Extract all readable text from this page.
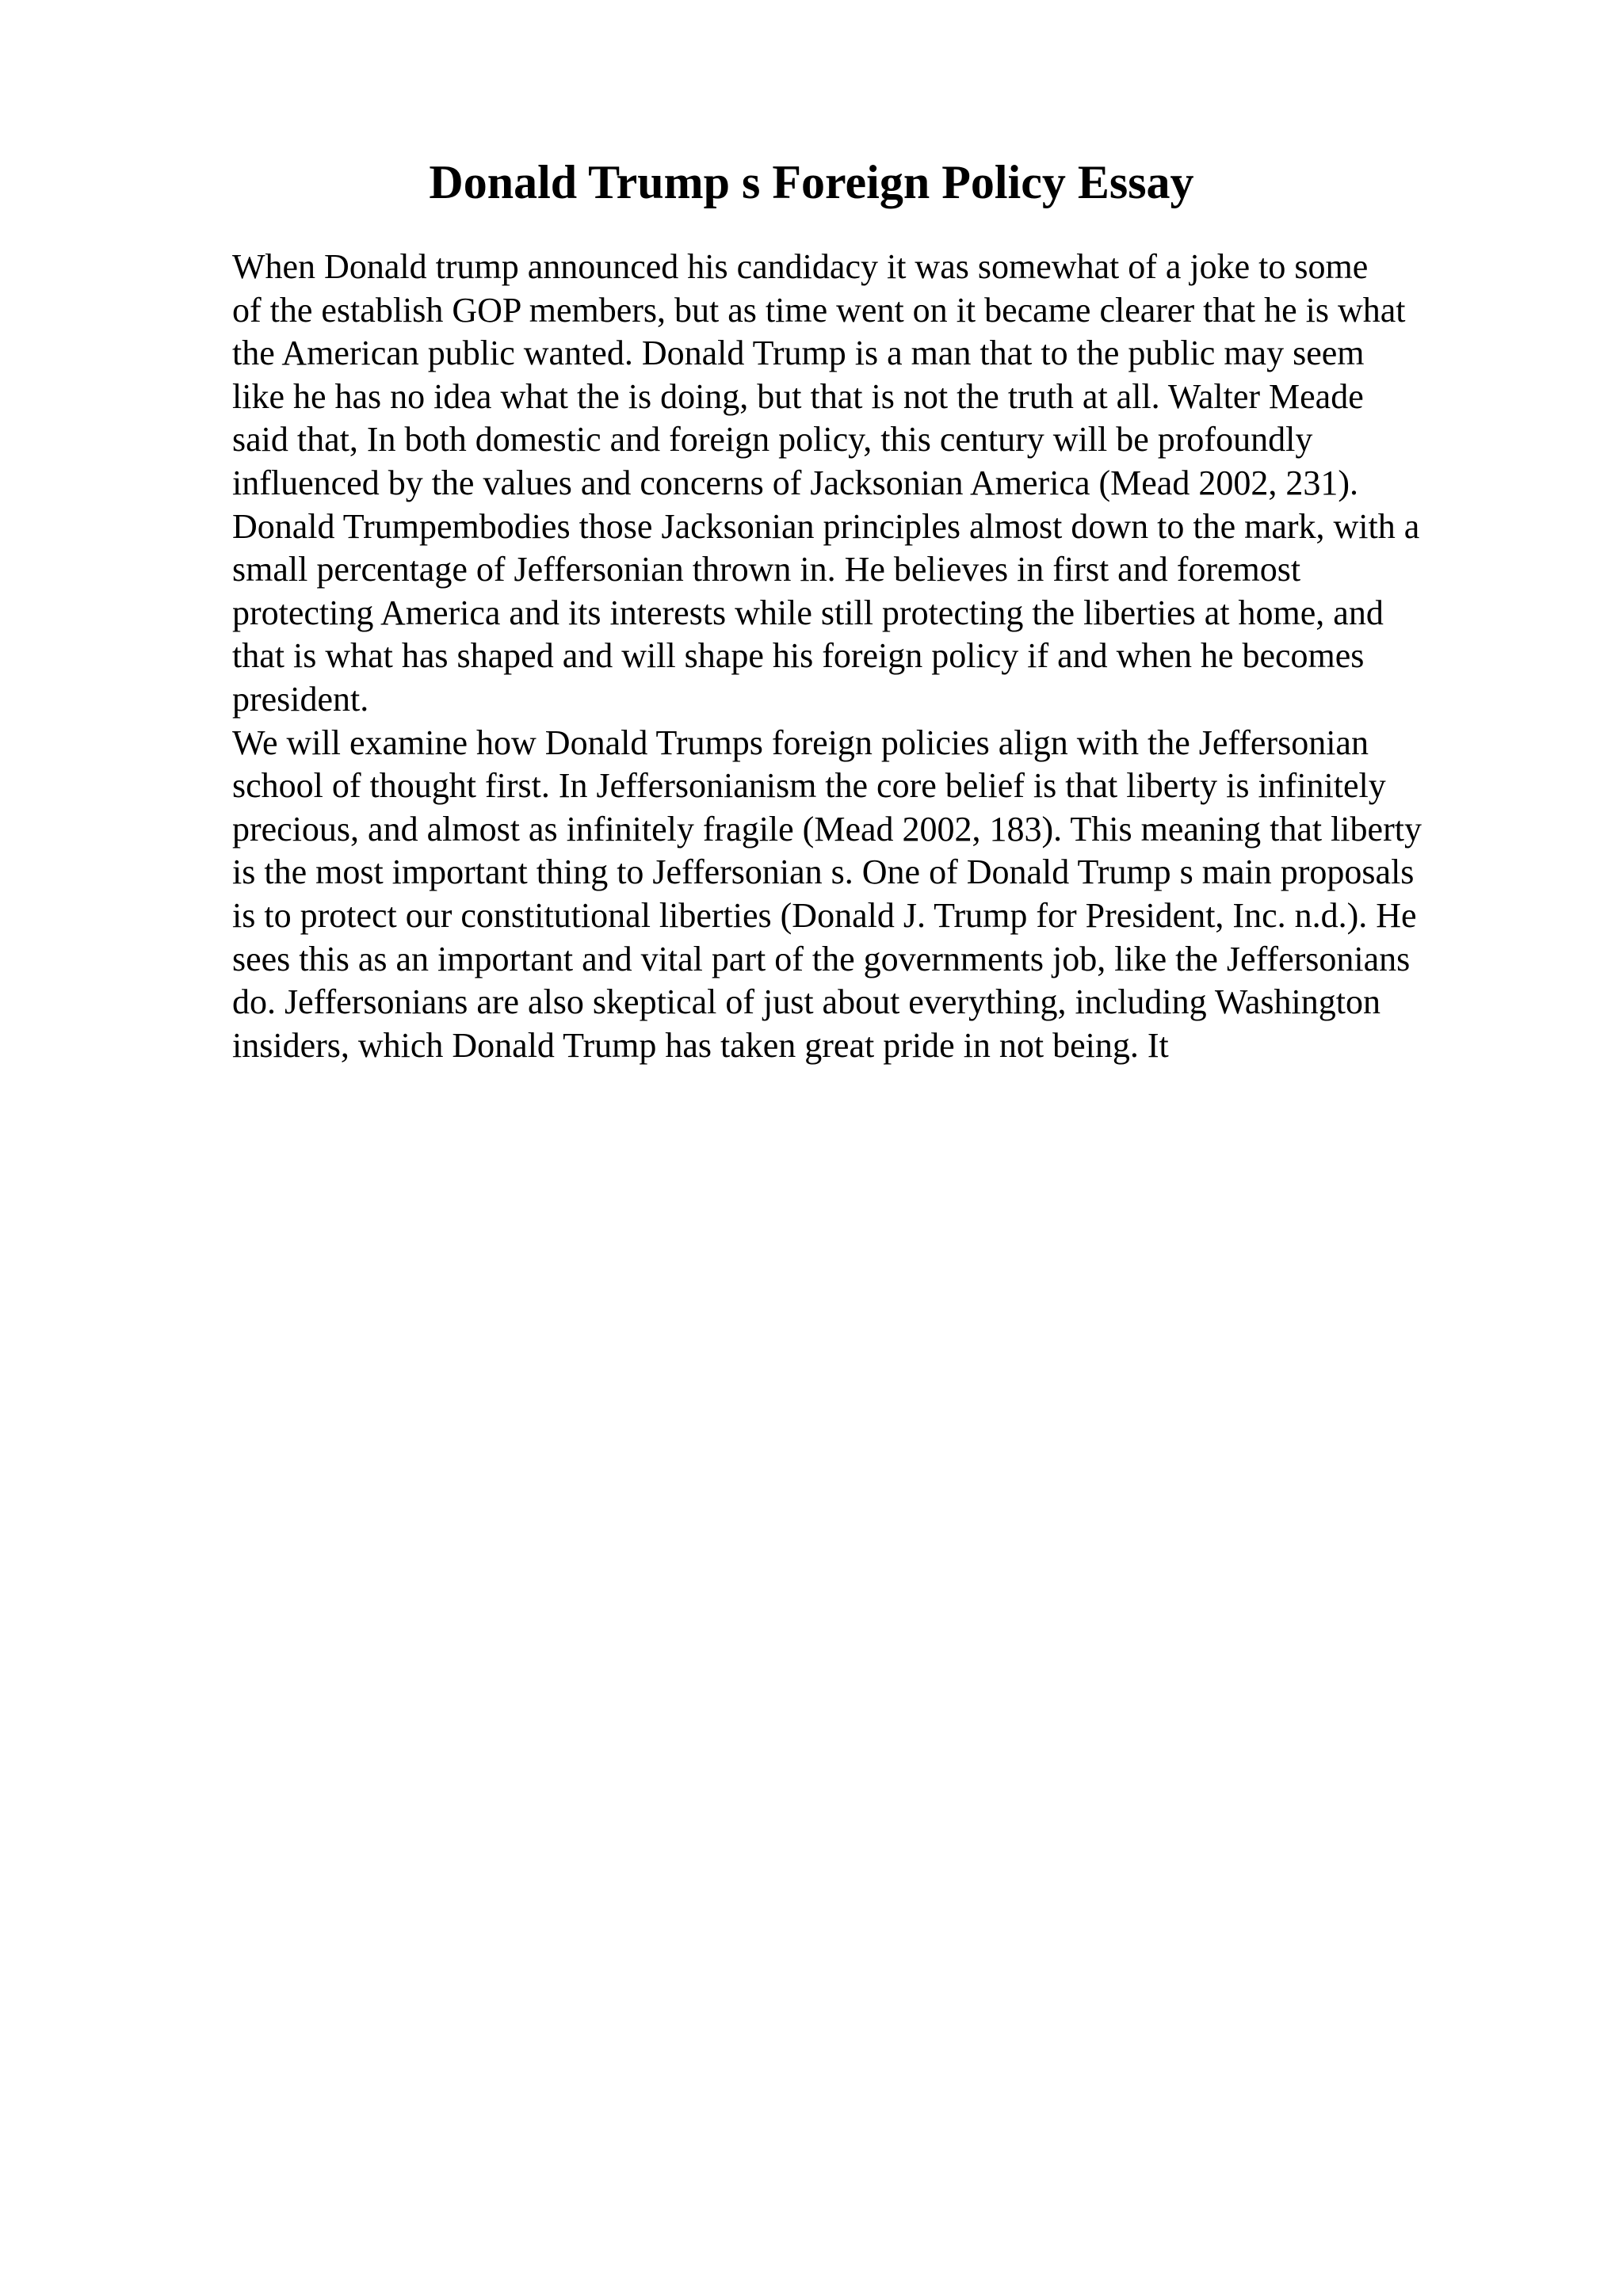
Donald Trump s Foreign Policy Essay
When Donald trump announced his candidacy it was somewhat of a joke to some
of the establish GOP members, but as time went on it became clearer that he is what
the American public wanted. Donald Trump is a man that to the public may seem
like he has no idea what the is doing, but that is not the truth at all. Walter Meade
said that, In both domestic and foreign policy, this century will be profoundly
influenced by the values and concerns of Jacksonian America (Mead 2002, 231).
Donald Trumpembodies those Jacksonian principles almost down to the mark, with a
small percentage of Jeffersonian thrown in. He believes in first and foremost
protecting America and its interests while still protecting the liberties at home, and
that is what has shaped and will shape his foreign policy if and when he becomes
president.
We will examine how Donald Trumps foreign policies align with the Jeffersonian
school of thought first. In Jeffersonianism the core belief is that liberty is infinitely
precious, and almost as infinitely fragile (Mead 2002, 183). This meaning that liberty
is the most important thing to Jeffersonian s. One of Donald Trump s main proposals
is to protect our constitutional liberties (Donald J. Trump for President, Inc. n.d.). He
sees this as an important and vital part of the governments job, like the Jeffersonians
do. Jeffersonians are also skeptical of just about everything, including Washington
insiders, which Donald Trump has taken great pride in not being. It
